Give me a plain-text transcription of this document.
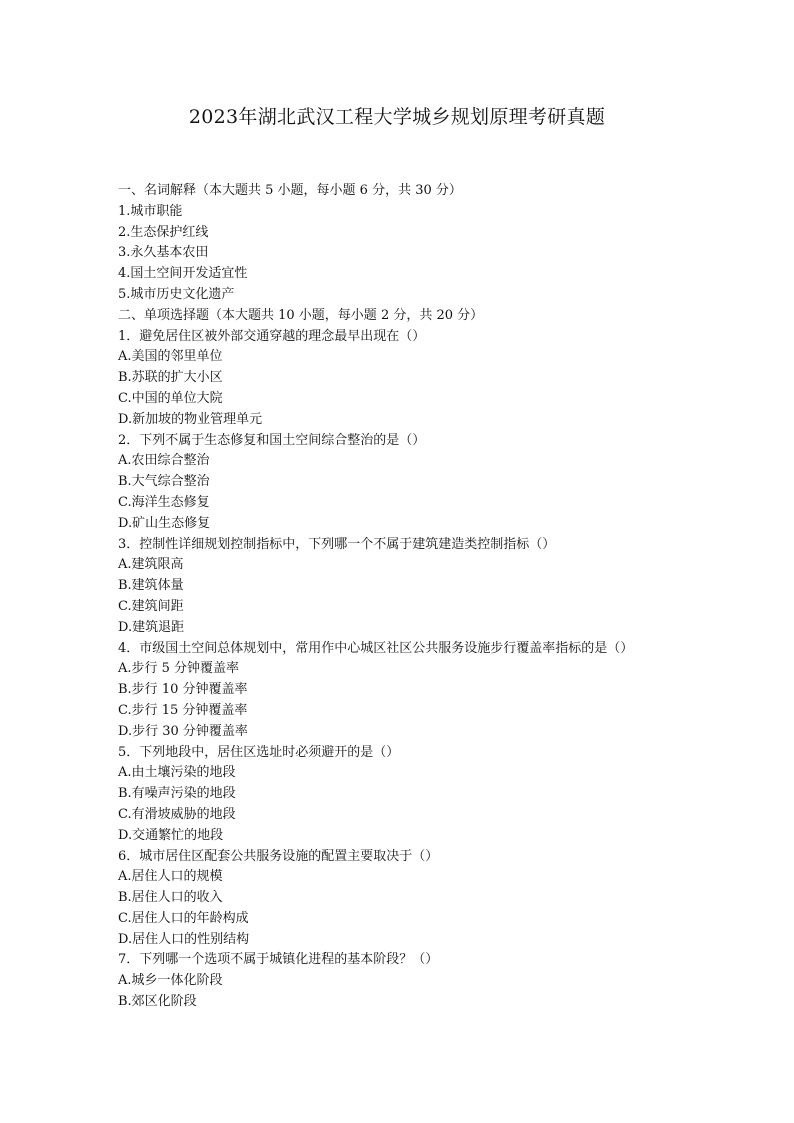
2023年湖北武汉工程大学城乡规划原理考研真题

一、名词解释（本大题共 5 小题，每小题 6 分，共 30 分）

1.城市职能

2.生态保护红线

3.永久基本农田

4.国土空间开发适宜性

5.城市历史文化遗产

二、单项选择题（本大题共 10 小题，每小题 2 分，共 20 分）

1．避免居住区被外部交通穿越的理念最早出现在（）

A.美国的邻里单位

B.苏联的扩大小区

C.中国的单位大院

D.新加坡的物业管理单元

2．下列不属于生态修复和国土空间综合整治的是（）

A.农田综合整治

B.大气综合整治

C.海洋生态修复

D.矿山生态修复

3．控制性详细规划控制指标中，下列哪一个不属于建筑建造类控制指标（）

A.建筑限高

B.建筑体量

C.建筑间距

D.建筑退距

4．市级国土空间总体规划中，常用作中心城区社区公共服务设施步行覆盖率指标的是（）

A.步行 5 分钟覆盖率

B.步行 10 分钟覆盖率

C.步行 15 分钟覆盖率

D.步行 30 分钟覆盖率

5．下列地段中，居住区选址时必须避开的是（）

A.由土壤污染的地段

B.有噪声污染的地段

C.有滑坡威胁的地段

D.交通繁忙的地段

6．城市居住区配套公共服务设施的配置主要取决于（）

A.居住人口的规模

B.居住人口的收入

C.居住人口的年龄构成

D.居住人口的性别结构

7．下列哪一个选项不属于城镇化进程的基本阶段？（）

A.城乡一体化阶段

B.郊区化阶段
